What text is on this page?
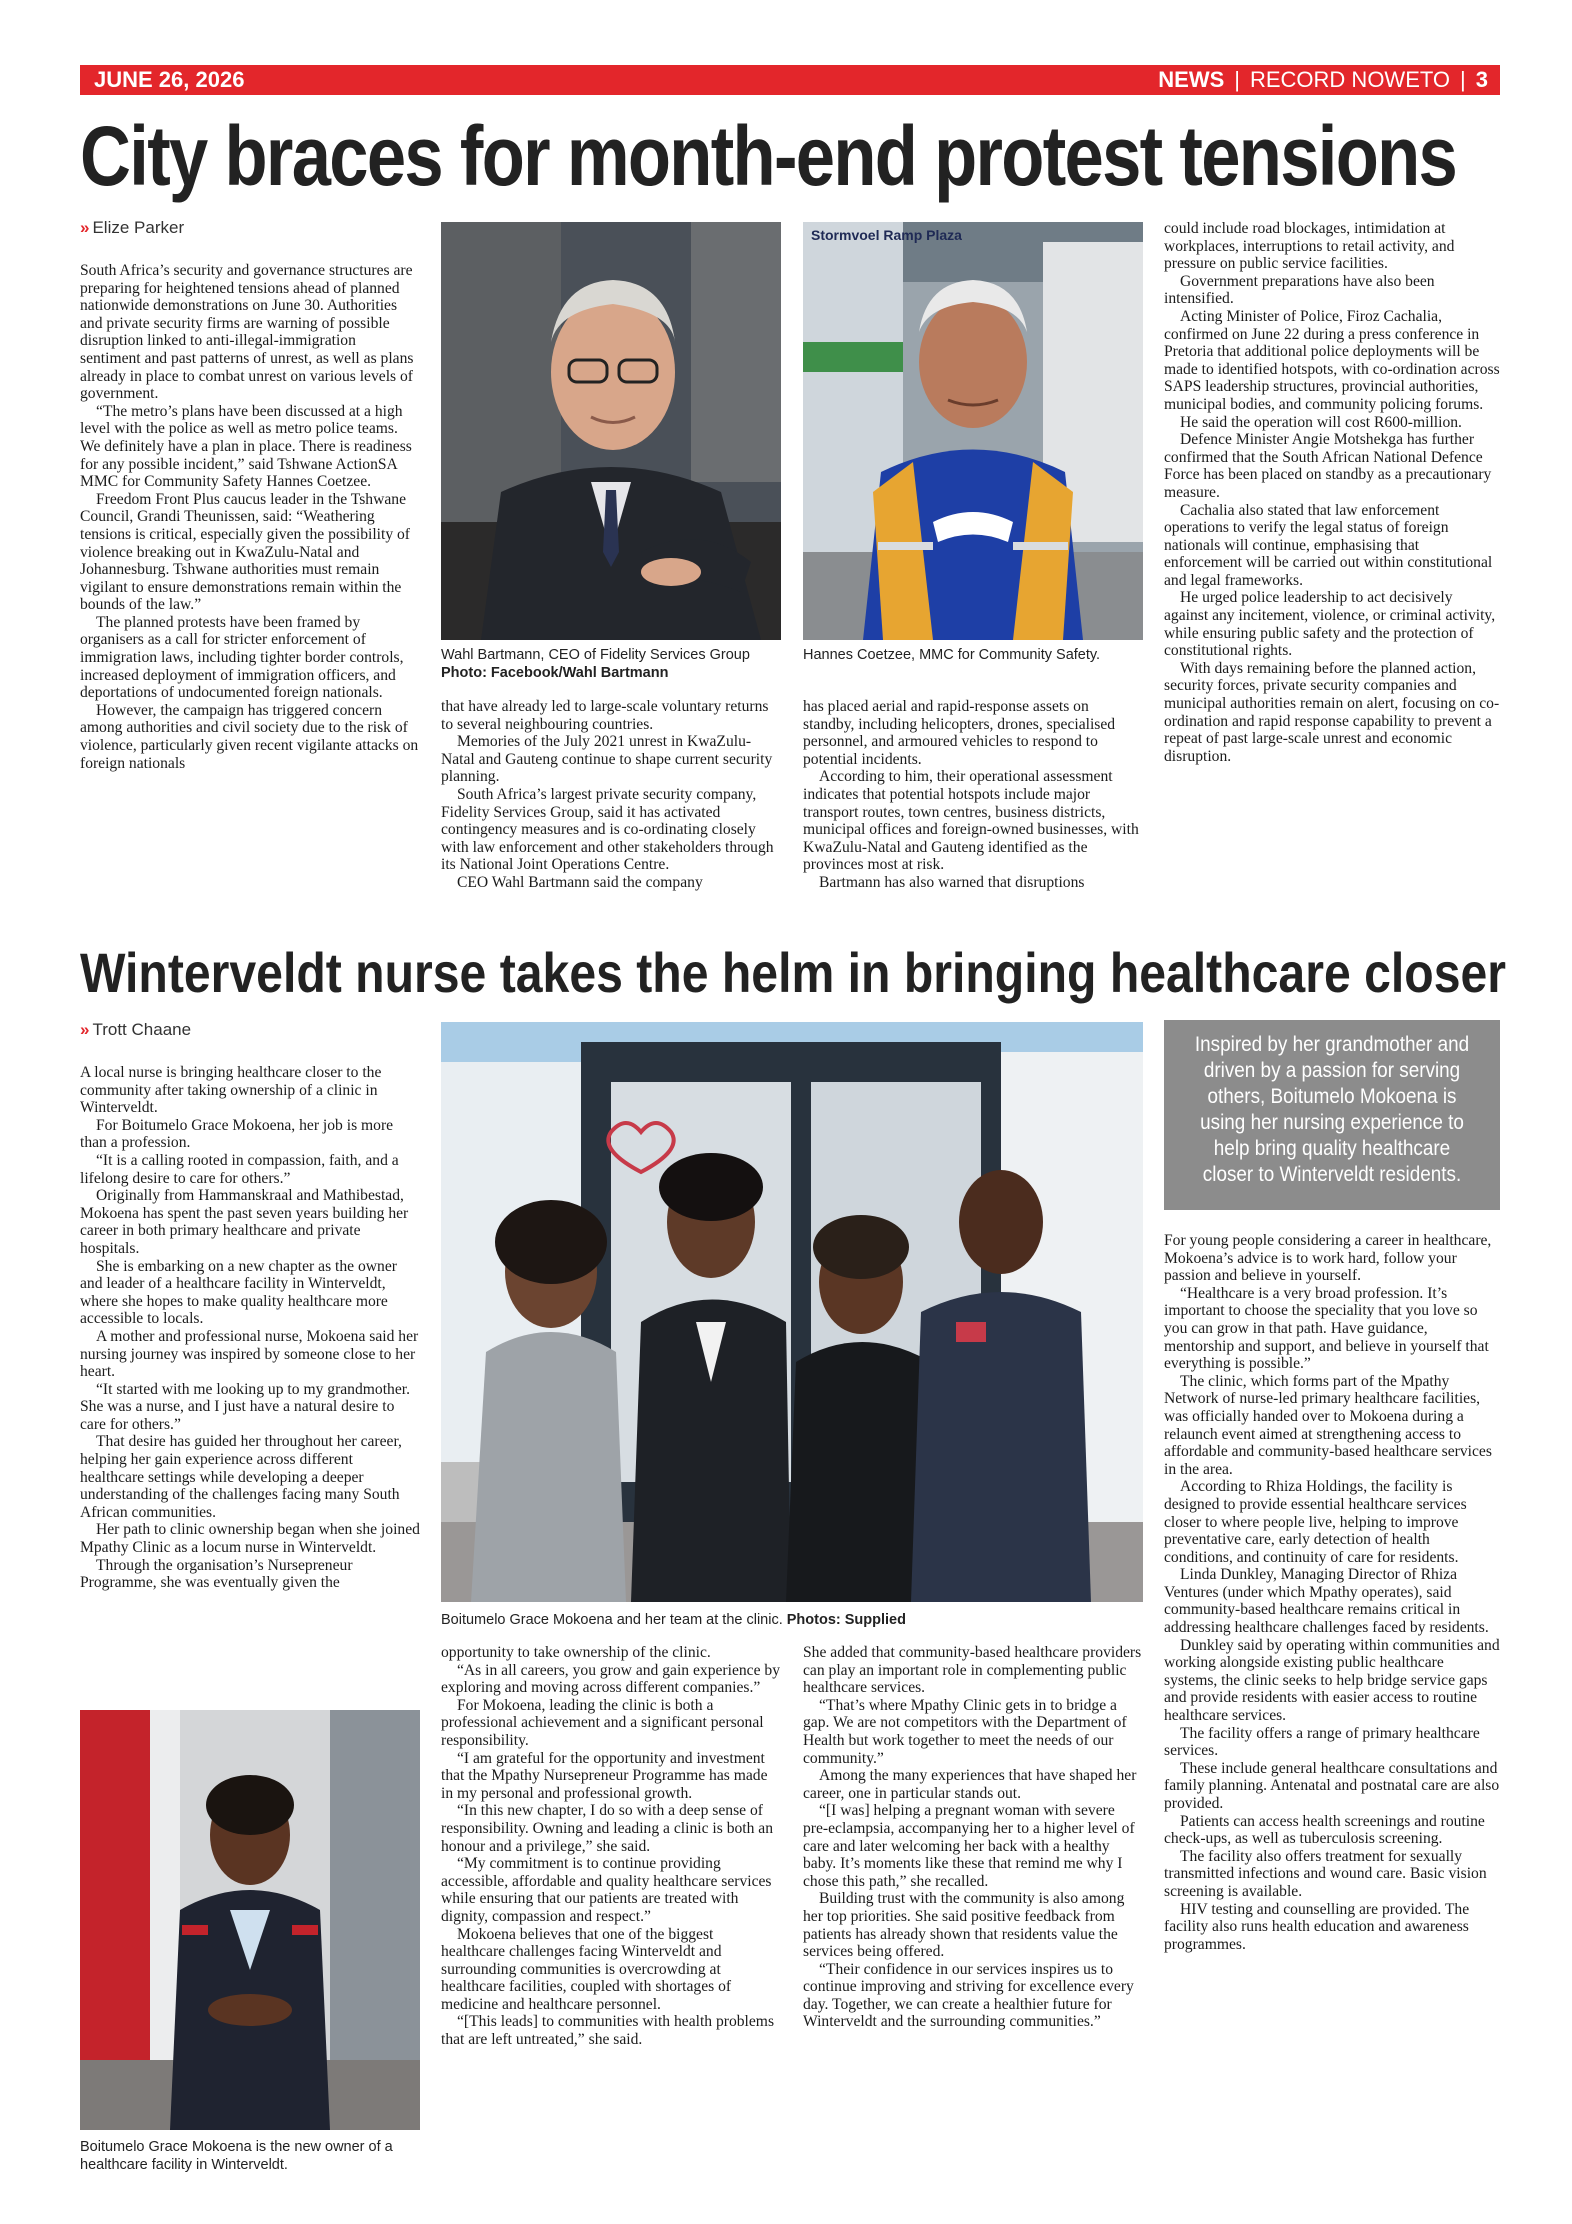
JUNE 26, 2026	NEWS | RECORD NOWETO | 3
City braces for month-end protest tensions
» Elize Parker

South Africa’s security and governance structures are preparing for heightened tensions ahead of planned nationwide demonstrations on June 30. Authorities and private security firms are warning of possible disruption linked to anti-illegal-immigration sentiment and past patterns of unrest, as well as plans already in place to combat unrest on various levels of government.

“The metro’s plans have been discussed at a high level with the police as well as metro police teams. We definitely have a plan in place. There is readiness for any possible incident,” said Tshwane ActionSA MMC for Community Safety Hannes Coetzee.

Freedom Front Plus caucus leader in the Tshwane Council, Grandi Theunissen, said: “Weathering tensions is critical, especially given the possibility of violence breaking out in KwaZulu-Natal and Johannesburg. Tshwane authorities must remain vigilant to ensure demonstrations remain within the bounds of the law.”

The planned protests have been framed by organisers as a call for stricter enforcement of immigration laws, including tighter border controls, increased deployment of immigration officers, and deportations of undocumented foreign nationals.

However, the campaign has triggered concern among authorities and civil society due to the risk of violence, particularly given recent vigilante attacks on foreign nationals

Wahl Bartmann, CEO of Fidelity Services Group Photo: Facebook/Wahl Bartmann

that have already led to large-scale voluntary returns to several neighbouring countries.

Memories of the July 2021 unrest in KwaZulu-Natal and Gauteng continue to shape current security planning.

South Africa’s largest private security company, Fidelity Services Group, said it has activated contingency measures and is co-ordinating closely with law enforcement and other stakeholders through its National Joint Operations Centre.

CEO Wahl Bartmann said the company

Stormvoel Ramp Plaza
Hannes Coetzee, MMC for Community Safety.

has placed aerial and rapid-response assets on standby, including helicopters, drones, specialised personnel, and armoured vehicles to respond to potential incidents.

According to him, their operational assessment indicates that potential hotspots include major transport routes, town centres, business districts, municipal offices and foreign-owned businesses, with KwaZulu-Natal and Gauteng identified as the provinces most at risk.

Bartmann has also warned that disruptions

could include road blockages, intimidation at workplaces, interruptions to retail activity, and pressure on public service facilities.

Government preparations have also been intensified.

Acting Minister of Police, Firoz Cachalia, confirmed on June 22 during a press conference in Pretoria that additional police deployments will be made to identified hotspots, with co-ordination across SAPS leadership structures, provincial authorities, municipal bodies, and community policing forums.

He said the operation will cost R600-million.

Defence Minister Angie Motshekga has further confirmed that the South African National Defence Force has been placed on standby as a precautionary measure.

Cachalia also stated that law enforcement operations to verify the legal status of foreign nationals will continue, emphasising that enforcement will be carried out within constitutional and legal frameworks.

He urged police leadership to act decisively against any incitement, violence, or criminal activity, while ensuring public safety and the protection of constitutional rights.

With days remaining before the planned action, security forces, private security companies and municipal authorities remain on alert, focusing on co-ordination and rapid response capability to prevent a repeat of past large-scale unrest and economic disruption.

Winterveldt nurse takes the helm in bringing healthcare closer
» Trott Chaane

A local nurse is bringing healthcare closer to the community after taking ownership of a clinic in Winterveldt.

For Boitumelo Grace Mokoena, her job is more than a profession.

“It is a calling rooted in compassion, faith, and a lifelong desire to care for others.”

Originally from Hammanskraal and Mathibestad, Mokoena has spent the past seven years building her career in both primary healthcare and private hospitals.

She is embarking on a new chapter as the owner and leader of a healthcare facility in Winterveldt, where she hopes to make quality healthcare more accessible to locals.

A mother and professional nurse, Mokoena said her nursing journey was inspired by someone close to her heart.

“It started with me looking up to my grandmother. She was a nurse, and I just have a natural desire to care for others.”

That desire has guided her throughout her career, helping her gain experience across different healthcare settings while developing a deeper understanding of the challenges facing many South African communities.

Her path to clinic ownership began when she joined Mpathy Clinic as a locum nurse in Winterveldt.

Through the organisation’s Nursepreneur Programme, she was eventually given the

Boitumelo Grace Mokoena and her team at the clinic. Photos: Supplied
Inspired by her grandmother and driven by a passion for serving others, Boitumelo Mokoena is using her nursing experience to help bring quality healthcare closer to Winterveldt residents.

For young people considering a career in healthcare, Mokoena’s advice is to work hard, follow your passion and believe in yourself.

“Healthcare is a very broad profession. It’s important to choose the speciality that you love so you can grow in that path. Have guidance, mentorship and support, and believe in yourself that everything is possible.”

The clinic, which forms part of the Mpathy Network of nurse-led primary healthcare facilities, was officially handed over to Mokoena during a relaunch event aimed at strengthening access to affordable and community-based healthcare services in the area.

According to Rhiza Holdings, the facility is designed to provide essential healthcare services closer to where people live, helping to improve preventative care, early detection of health conditions, and continuity of care for residents.

Linda Dunkley, Managing Director of Rhiza Ventures (under which Mpathy operates), said community-based healthcare remains critical in addressing healthcare challenges faced by residents.

Dunkley said by operating within communities and working alongside existing public healthcare systems, the clinic seeks to help bridge service gaps and provide residents with easier access to routine healthcare services.

The facility offers a range of primary healthcare services.

These include general healthcare consultations and family planning. Antenatal and postnatal care are also provided.

Patients can access health screenings and routine check-ups, as well as tuberculosis screening.

The facility also offers treatment for sexually transmitted infections and wound care. Basic vision screening is available.

HIV testing and counselling are provided. The facility also runs health education and awareness programmes.

Boitumelo Grace Mokoena is the new owner of a healthcare facility in Winterveldt.

opportunity to take ownership of the clinic.

“As in all careers, you grow and gain experience by exploring and moving across different companies.”

For Mokoena, leading the clinic is both a professional achievement and a significant personal responsibility.

“I am grateful for the opportunity and investment that the Mpathy Nursepreneur Programme has made in my personal and professional growth.

“In this new chapter, I do so with a deep sense of responsibility. Owning and leading a clinic is both an honour and a privilege,” she said.

“My commitment is to continue providing accessible, affordable and quality healthcare services while ensuring that our patients are treated with dignity, compassion and respect.”

Mokoena believes that one of the biggest healthcare challenges facing Winterveldt and surrounding communities is overcrowding at healthcare facilities, coupled with shortages of medicine and healthcare personnel.

“[This leads] to communities with health problems that are left untreated,” she said.

She added that community-based healthcare providers can play an important role in complementing public healthcare services.

“That’s where Mpathy Clinic gets in to bridge a gap. We are not competitors with the Department of Health but work together to meet the needs of our community.”

Among the many experiences that have shaped her career, one in particular stands out.

“[I was] helping a pregnant woman with severe pre-eclampsia, accompanying her to a higher level of care and later welcoming her back with a healthy baby. It’s moments like these that remind me why I chose this path,” she recalled.

Building trust with the community is also among her top priorities. She said positive feedback from patients has already shown that residents value the services being offered.

“Their confidence in our services inspires us to continue improving and striving for excellence every day. Together, we can create a healthier future for Winterveldt and the surrounding communities.”
